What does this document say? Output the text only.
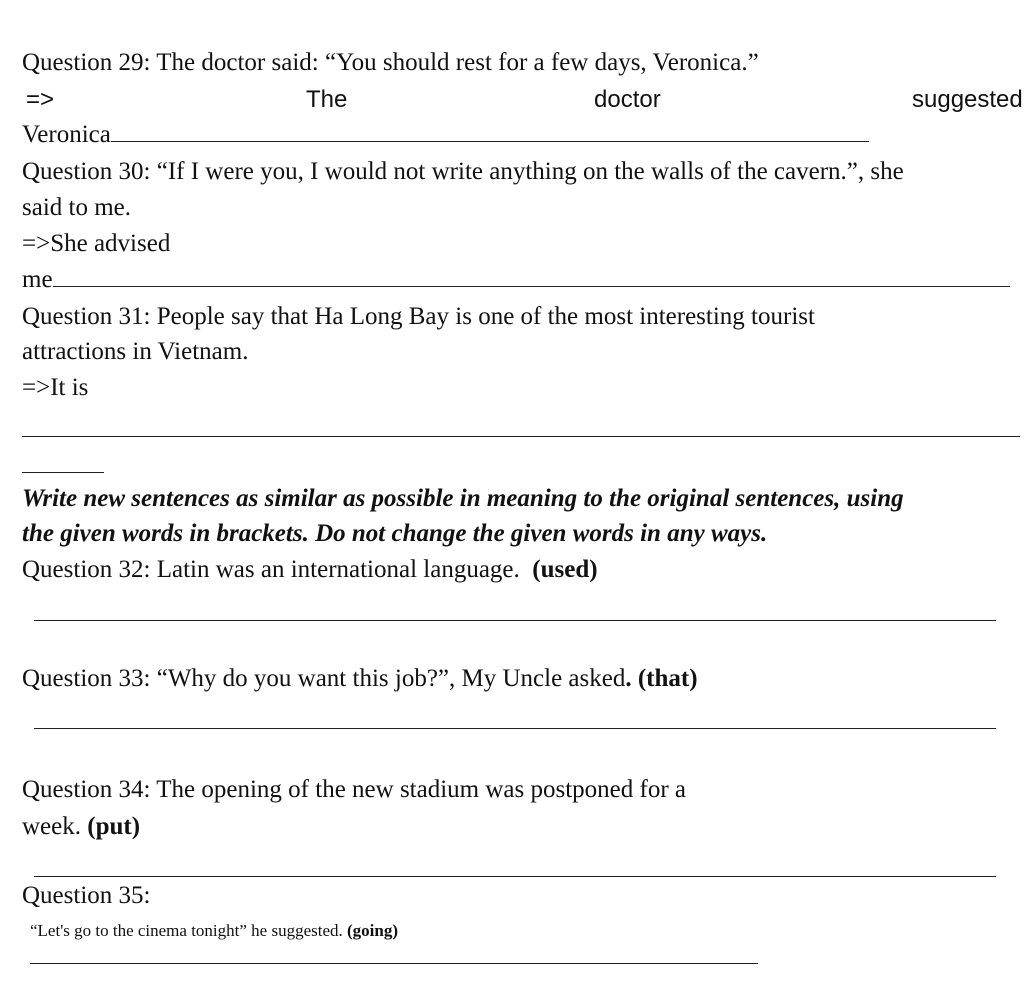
Question 29: The doctor said: “You should rest for a few days, Veronica.”
=>	The	doctor	suggested
Veronica
Question 30: “If I were you, I would not write anything on the walls of the cavern.”, she
said to me.
=>She advised
me
Question 31: People say that Ha Long Bay is one of the most interesting tourist
attractions in Vietnam.
=>It is
Write new sentences as similar as possible in meaning to the original sentences, using
the given words in brackets. Do not change the given words in any ways.
Question 32: Latin was an international language. (used)
Question 33: “Why do you want this job?”, My Uncle asked. (that)
Question 34: The opening of the new stadium was postponed for a
week. (put)
Question 35:
“Let's go to the cinema tonight” he suggested. (going)
